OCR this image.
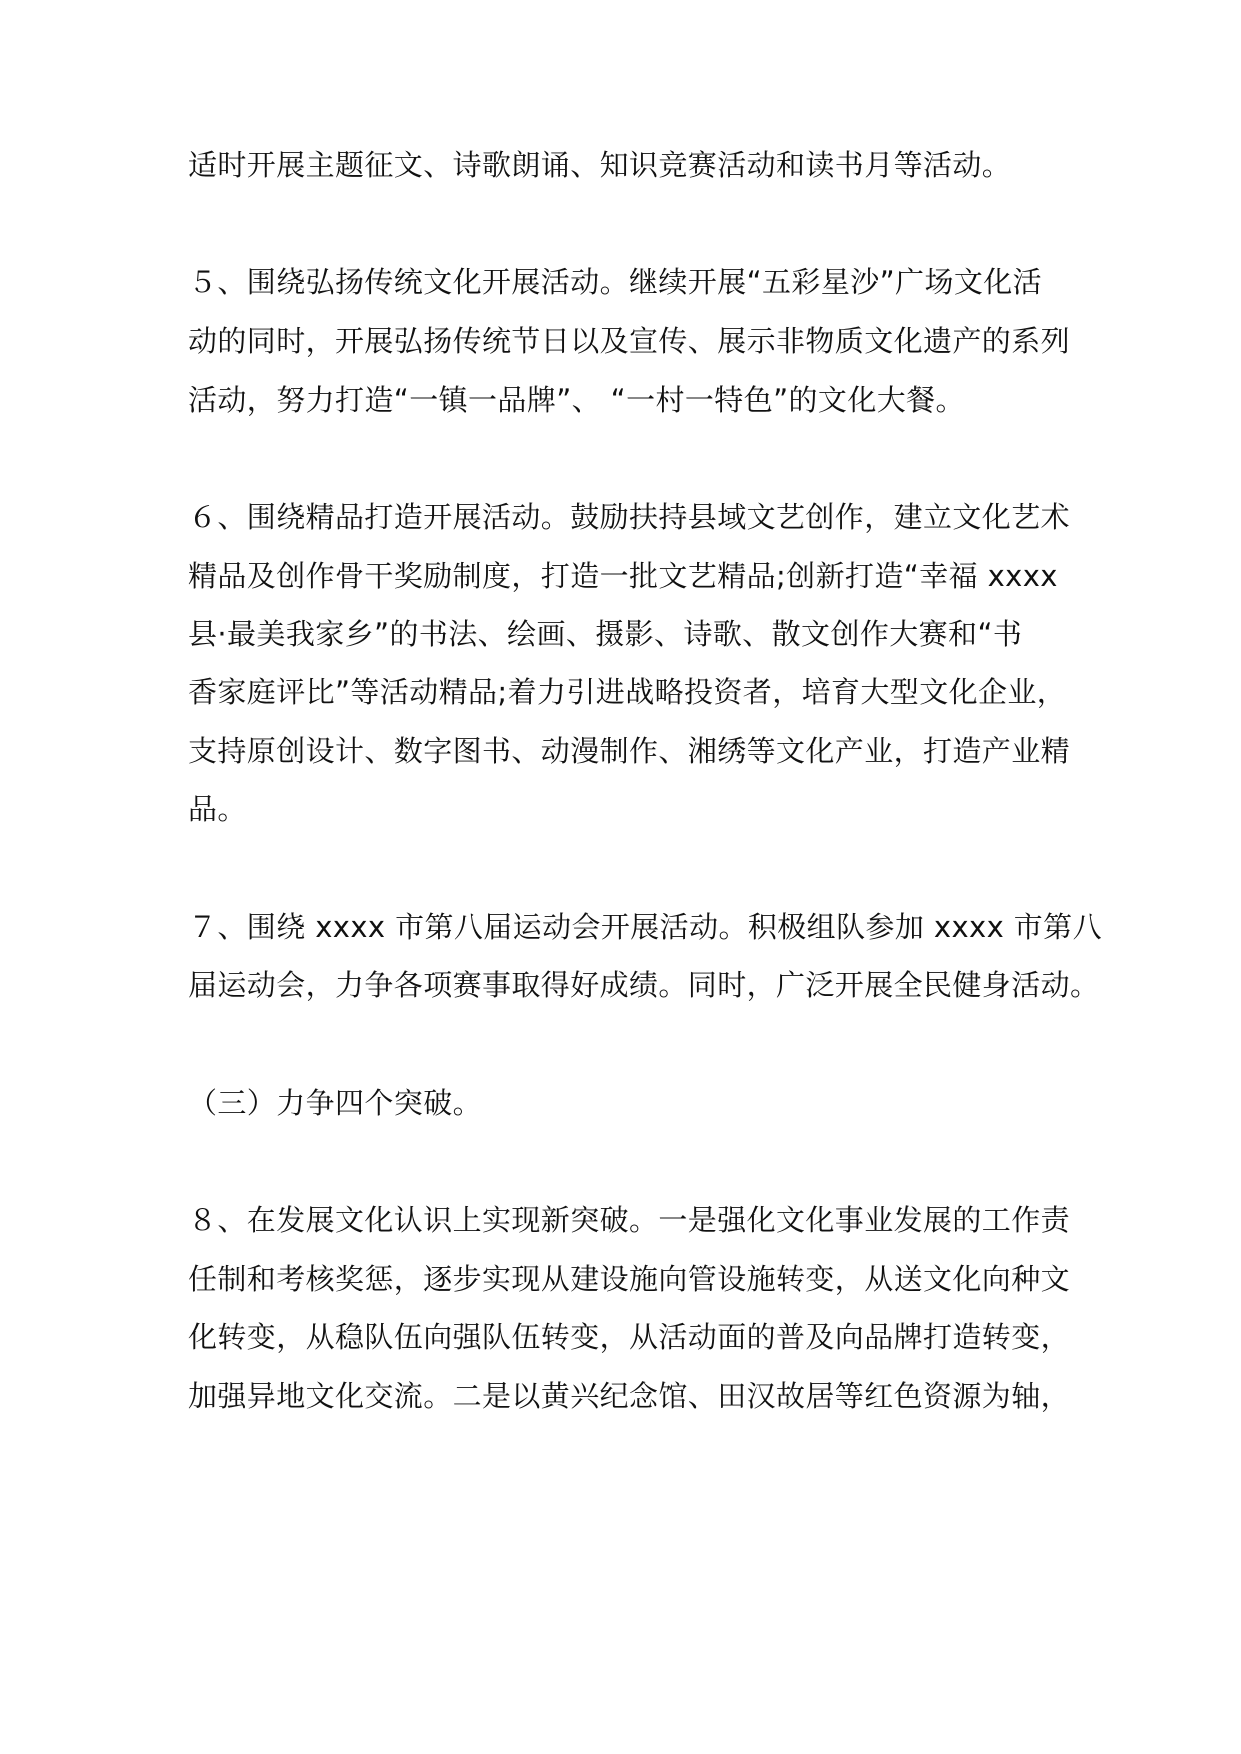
适时开展主题征文、诗歌朗诵、知识竞赛活动和读书月等活动。
５、围绕弘扬传统文化开展活动。继续开展“五彩星沙”广场文化活
动的同时，开展弘扬传统节日以及宣传、展示非物质文化遗产的系列
活动，努力打造“一镇一品牌”、 “一村一特色”的文化大餐。
６、围绕精品打造开展活动。鼓励扶持县域文艺创作，建立文化艺术
精品及创作骨干奖励制度，打造一批文艺精品;创新打造“幸福 xxxx
县·最美我家乡”的书法、绘画、摄影、诗歌、散文创作大赛和“书
香家庭评比”等活动精品;着力引进战略投资者，培育大型文化企业，
支持原创设计、数字图书、动漫制作、湘绣等文化产业，打造产业精
品。
７、围绕 xxxx 市第八届运动会开展活动。积极组队参加 xxxx 市第八
届运动会，力争各项赛事取得好成绩。同时，广泛开展全民健身活动。
（三）力争四个突破。
８、在发展文化认识上实现新突破。一是强化文化事业发展的工作责
任制和考核奖惩，逐步实现从建设施向管设施转变，从送文化向种文
化转变，从稳队伍向强队伍转变，从活动面的普及向品牌打造转变，
加强异地文化交流。二是以黄兴纪念馆、田汉故居等红色资源为轴，
